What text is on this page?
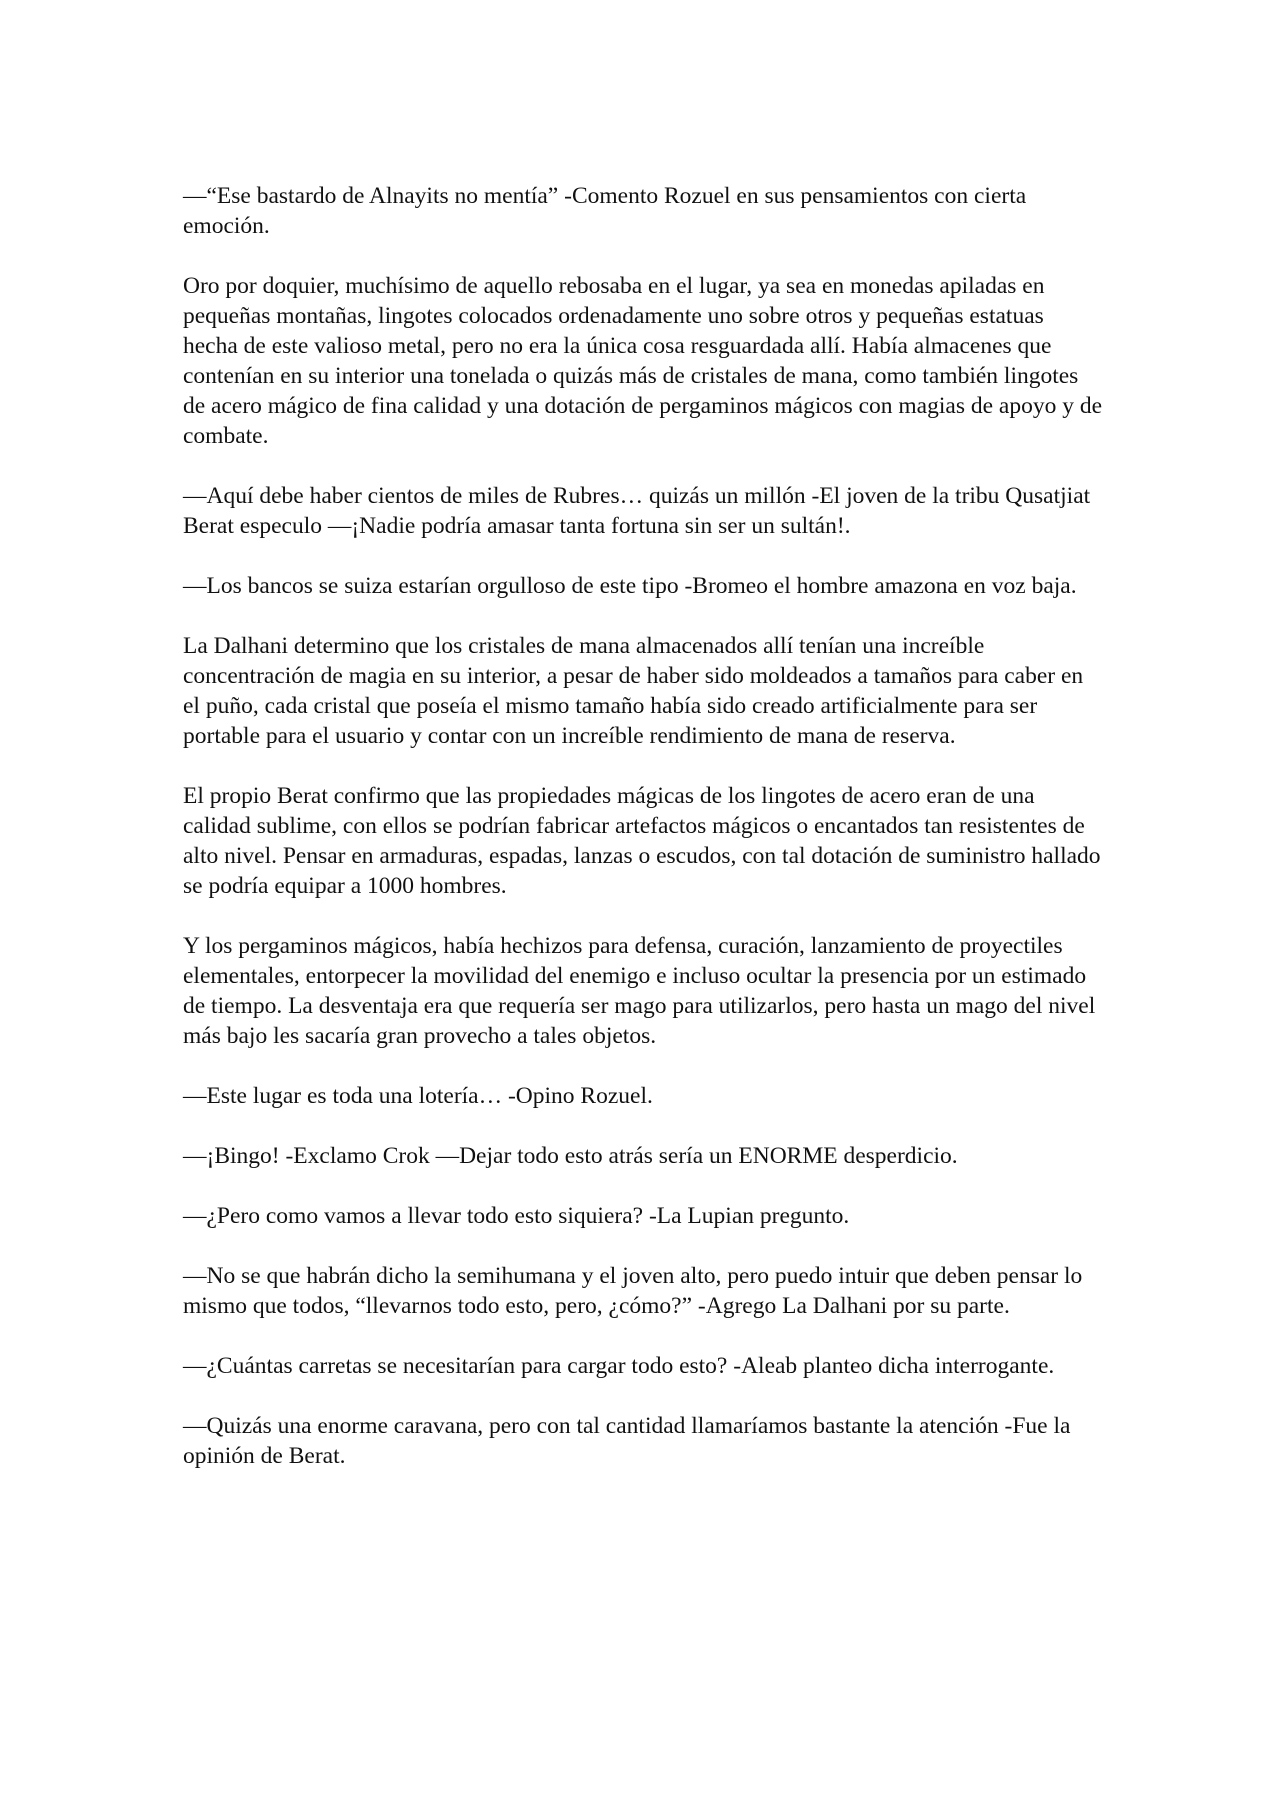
—“Ese bastardo de Alnayits no mentía” -Comento Rozuel en sus pensamientos con cierta emoción.

Oro por doquier, muchísimo de aquello rebosaba en el lugar, ya sea en monedas apiladas en pequeñas montañas, lingotes colocados ordenadamente uno sobre otros y pequeñas estatuas hecha de este valioso metal, pero no era la única cosa resguardada allí. Había almacenes que contenían en su interior una tonelada o quizás más de cristales de mana, como también lingotes de acero mágico de fina calidad y una dotación de pergaminos mágicos con magias de apoyo y de combate.

—Aquí debe haber cientos de miles de Rubres… quizás un millón -El joven de la tribu Qusatjiat Berat especulo —¡Nadie podría amasar tanta fortuna sin ser un sultán!.

—Los bancos se suiza estarían orgulloso de este tipo -Bromeo el hombre amazona en voz baja.

La Dalhani determino que los cristales de mana almacenados allí tenían una increíble concentración de magia en su interior, a pesar de haber sido moldeados a tamaños para caber en el puño, cada cristal que poseía el mismo tamaño había sido creado artificialmente para ser portable para el usuario y contar con un increíble rendimiento de mana de reserva.

El propio Berat confirmo que las propiedades mágicas de los lingotes de acero eran de una calidad sublime, con ellos se podrían fabricar artefactos mágicos o encantados tan resistentes de alto nivel. Pensar en armaduras, espadas, lanzas o escudos, con tal dotación de suministro hallado se podría equipar a 1000 hombres.

Y los pergaminos mágicos, había hechizos para defensa, curación, lanzamiento de proyectiles elementales, entorpecer la movilidad del enemigo e incluso ocultar la presencia por un estimado de tiempo. La desventaja era que requería ser mago para utilizarlos, pero hasta un mago del nivel más bajo les sacaría gran provecho a tales objetos.

—Este lugar es toda una lotería… -Opino Rozuel.

—¡Bingo! -Exclamo Crok —Dejar todo esto atrás sería un ENORME desperdicio.

—¿Pero como vamos a llevar todo esto siquiera? -La Lupian pregunto.

—No se que habrán dicho la semihumana y el joven alto, pero puedo intuir que deben pensar lo mismo que todos, “llevarnos todo esto, pero, ¿cómo?” -Agrego La Dalhani por su parte.

—¿Cuántas carretas se necesitarían para cargar todo esto? -Aleab planteo dicha interrogante.

—Quizás una enorme caravana, pero con tal cantidad llamaríamos bastante la atención -Fue la opinión de Berat.
